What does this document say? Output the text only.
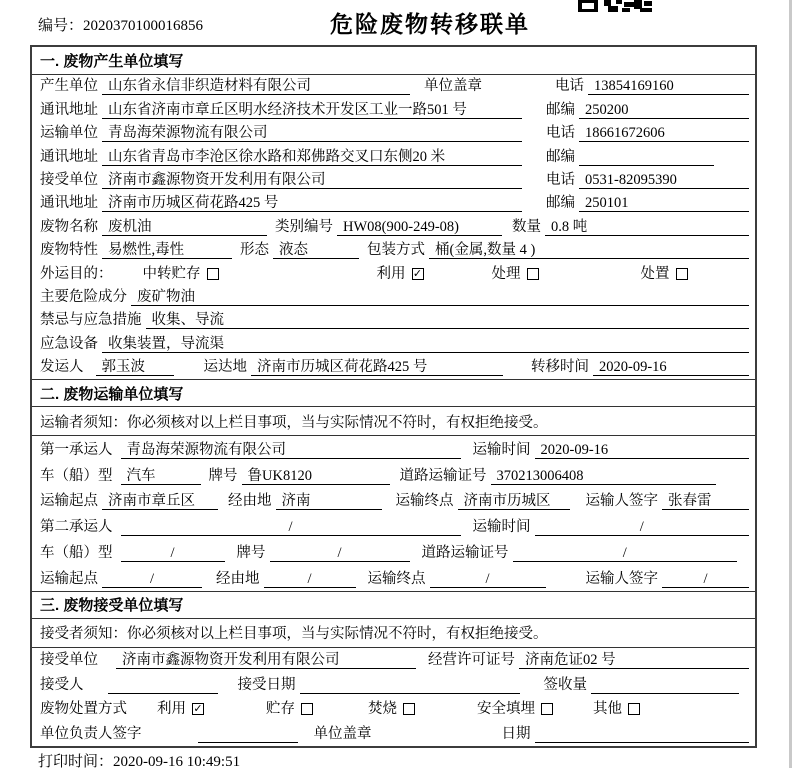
编号：2020370100016856	危险废物转移联单
一. 废物产生单位填写
产生单位 山东省永信非织造材料有限公司	单位盖章	电话 13854169160
通讯地址 山东省济南市章丘区明水经济技术开发区工业一路501 号	邮编 250200
运输单位 青岛海荣源物流有限公司	电话 18661672606
通讯地址 山东省青岛市李沧区徐水路和郑佛路交叉口东侧20 米	邮编
接受单位 济南市鑫源物资开发利用有限公司	电话 0531-82095390
通讯地址 济南市历城区荷花路425 号	邮编 250101
废物名称 废机油	类别编号 HW08(900-249-08)	数量 0.8 吨
废物特性 易燃性,毒性	形态 液态	包装方式 桶(金属,数量 4 )
外运目的： 中转贮存	利用 ✓	处理	处置
主要危险成分 废矿物油
禁忌与应急措施 收集、导流
应急设备 收集装置，导流渠
发运人	郭玉波	运达地 济南市历城区荷花路425 号	转移时间 2020-09-16
二. 废物运输单位填写
运输者须知：你必须核对以上栏目事项，当与实际情况不符时，有权拒绝接受。
第一承运人 青岛海荣源物流有限公司	运输时间 2020-09-16
车（船）型 汽车	牌号 鲁UK8120	道路运输证号 370213006408
运输起点 济南市章丘区	经由地 济南	运输终点 济南市历城区	运输人签字 张春雷
第二承运人	/	运输时间	/
车（船）型	/	牌号	/	道路运输证号	/
运输起点	/	经由地	/	运输终点	/	运输人签字	/
三. 废物接受单位填写
接受者须知：你必须核对以上栏目事项，当与实际情况不符时，有权拒绝接受。
接受单位	济南市鑫源物资开发利用有限公司	经营许可证号 济南危证02 号
接受人	接受日期	签收量
废物处置方式 利用 ✓	贮存	焚烧	安全填埋	其他
单位负责人签字	单位盖章	日期
打印时间：2020-09-16 10:49:51
